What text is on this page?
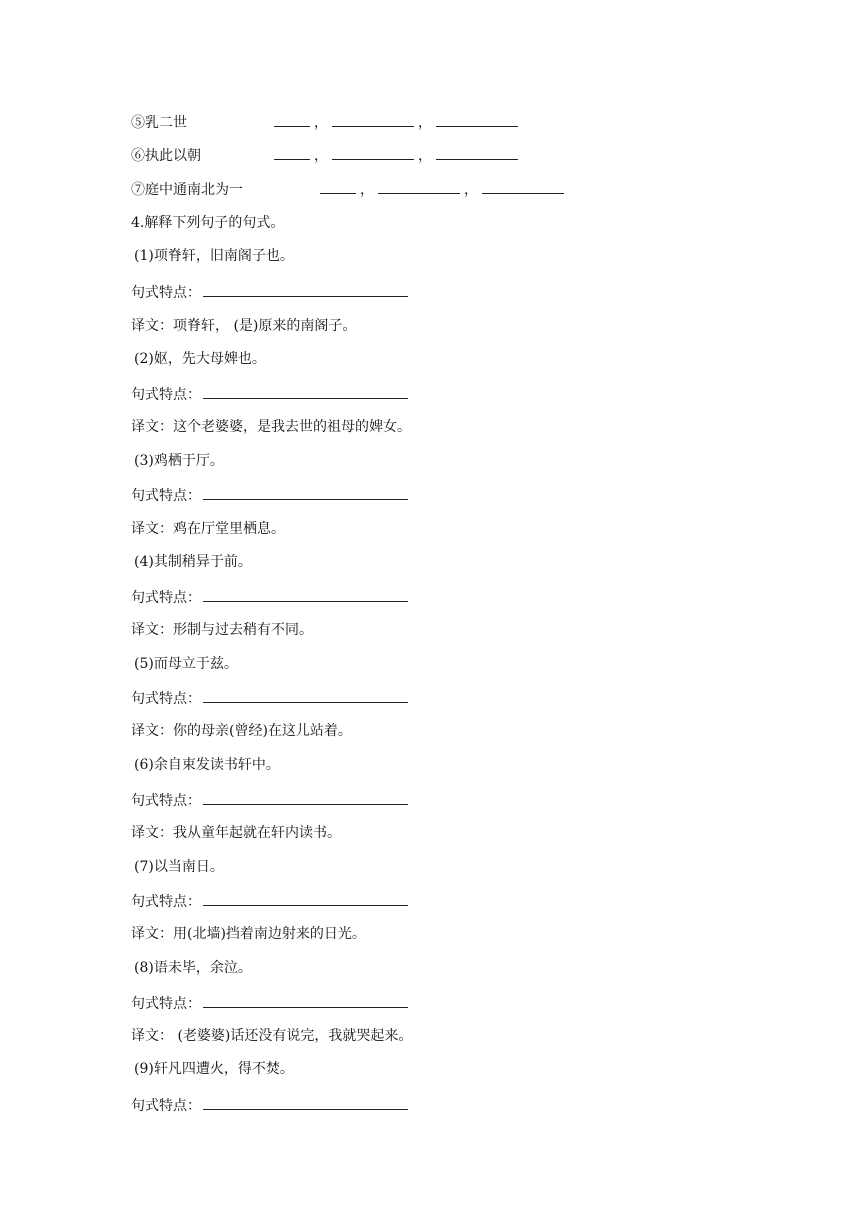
⑤乳二世	，	，
⑥执此以朝	，	，
⑦庭中通南北为一	，	，
4.解释下列句子的句式。
(1)项脊轩，旧南阁子也。
句式特点：
译文：项脊轩， (是)原来的南阁子。
(2)妪，先大母婢也。
句式特点：
译文：这个老婆婆，是我去世的祖母的婢女。
(3)鸡栖于厅。
句式特点：
译文：鸡在厅堂里栖息。
(4)其制稍异于前。
句式特点：
译文：形制与过去稍有不同。
(5)而母立于兹。
句式特点：
译文：你的母亲(曾经)在这儿站着。
(6)余自束发读书轩中。
句式特点：
译文：我从童年起就在轩内读书。
(7)以当南日。
句式特点：
译文：用(北墙)挡着南边射来的日光。
(8)语未毕，余泣。
句式特点：
译文： (老婆婆)话还没有说完，我就哭起来。
(9)轩凡四遭火，得不焚。
句式特点：
